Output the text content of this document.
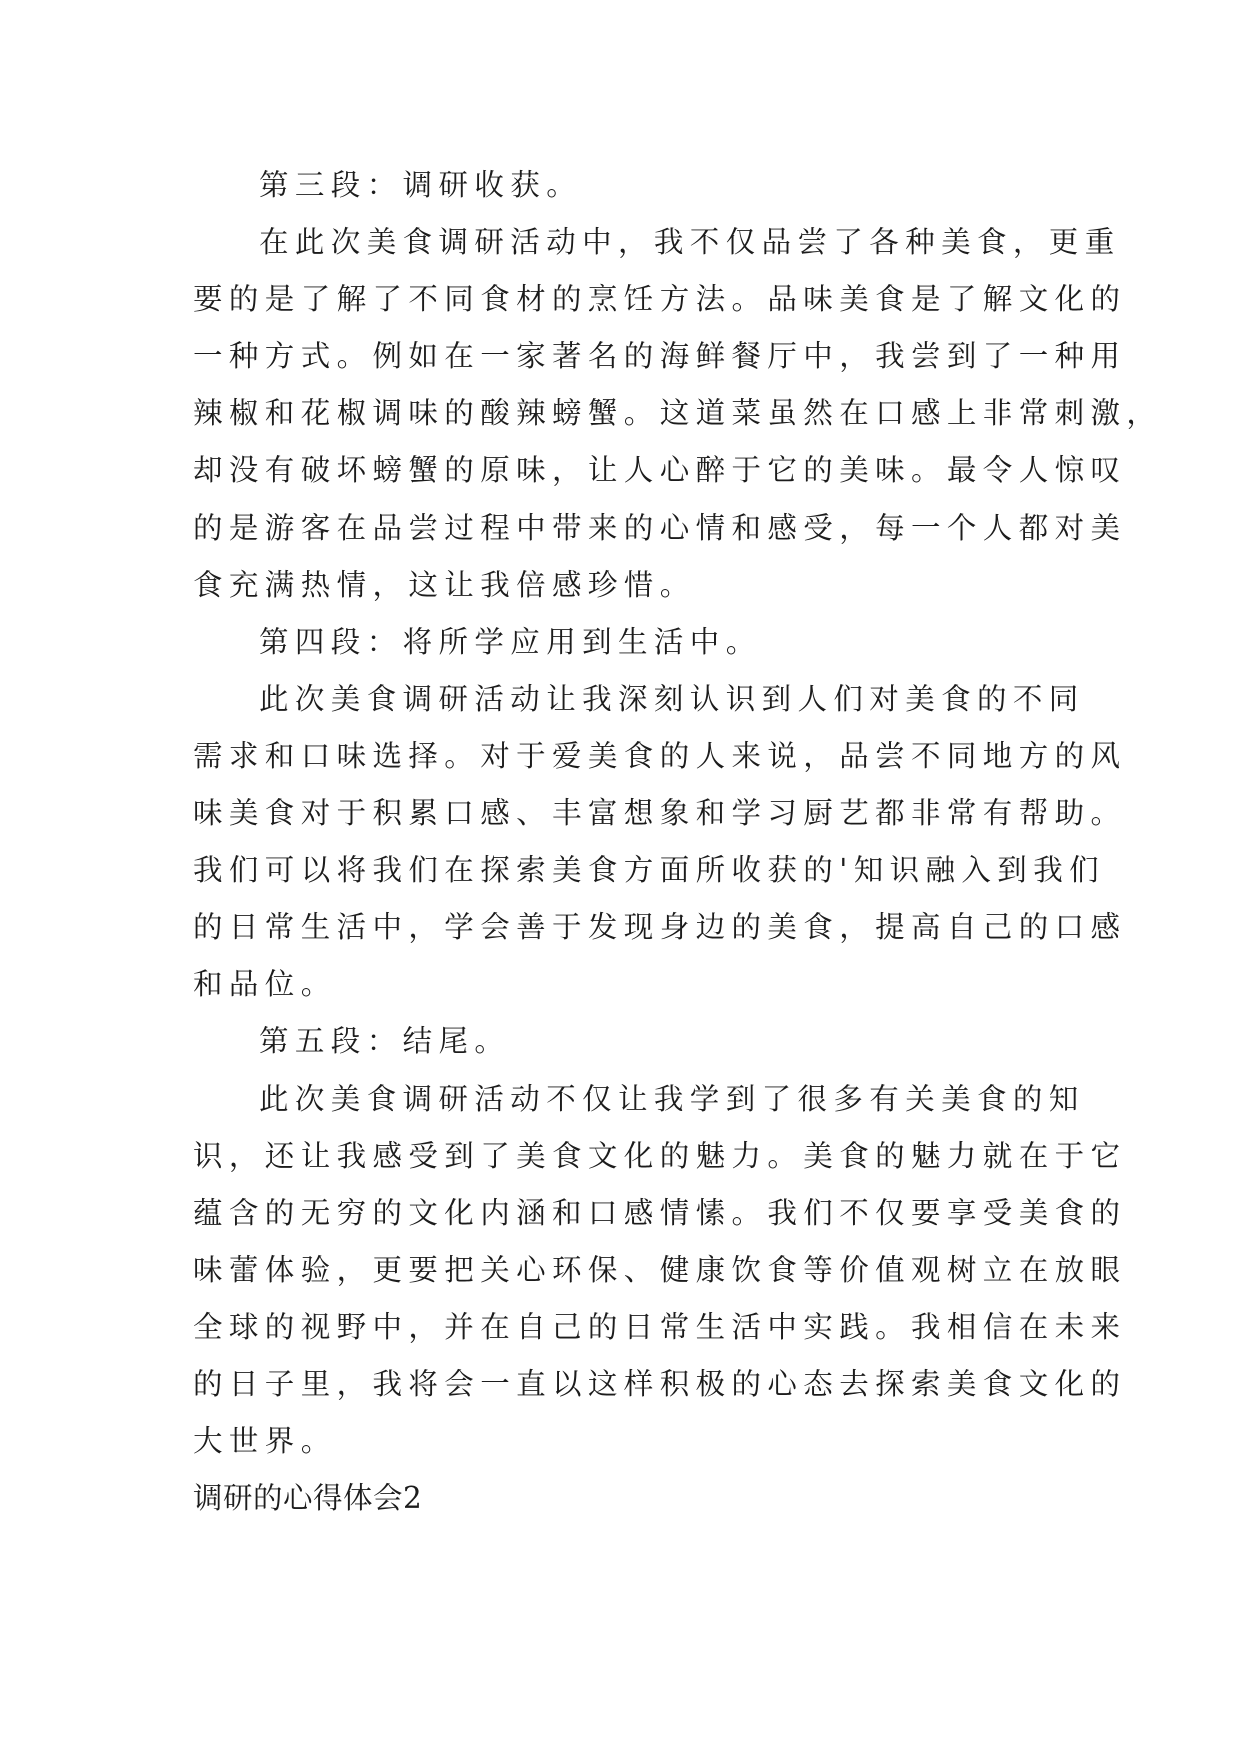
第三段：调研收获。
在此次美食调研活动中，我不仅品尝了各种美食，更重
要的是了解了不同食材的烹饪方法。品味美食是了解文化的
一种方式。例如在一家著名的海鲜餐厅中，我尝到了一种用
辣椒和花椒调味的酸辣螃蟹。这道菜虽然在口感上非常刺激，
却没有破坏螃蟹的原味，让人心醉于它的美味。最令人惊叹
的是游客在品尝过程中带来的心情和感受，每一个人都对美
食充满热情，这让我倍感珍惜。
第四段：将所学应用到生活中。
此次美食调研活动让我深刻认识到人们对美食的不同
需求和口味选择。对于爱美食的人来说，品尝不同地方的风
味美食对于积累口感、丰富想象和学习厨艺都非常有帮助。
我们可以将我们在探索美食方面所收获的'知识融入到我们
的日常生活中，学会善于发现身边的美食，提高自己的口感
和品位。
第五段：结尾。
此次美食调研活动不仅让我学到了很多有关美食的知
识，还让我感受到了美食文化的魅力。美食的魅力就在于它
蕴含的无穷的文化内涵和口感情愫。我们不仅要享受美食的
味蕾体验，更要把关心环保、健康饮食等价值观树立在放眼
全球的视野中，并在自己的日常生活中实践。我相信在未来
的日子里，我将会一直以这样积极的心态去探索美食文化的
大世界。
调研的心得体会2
